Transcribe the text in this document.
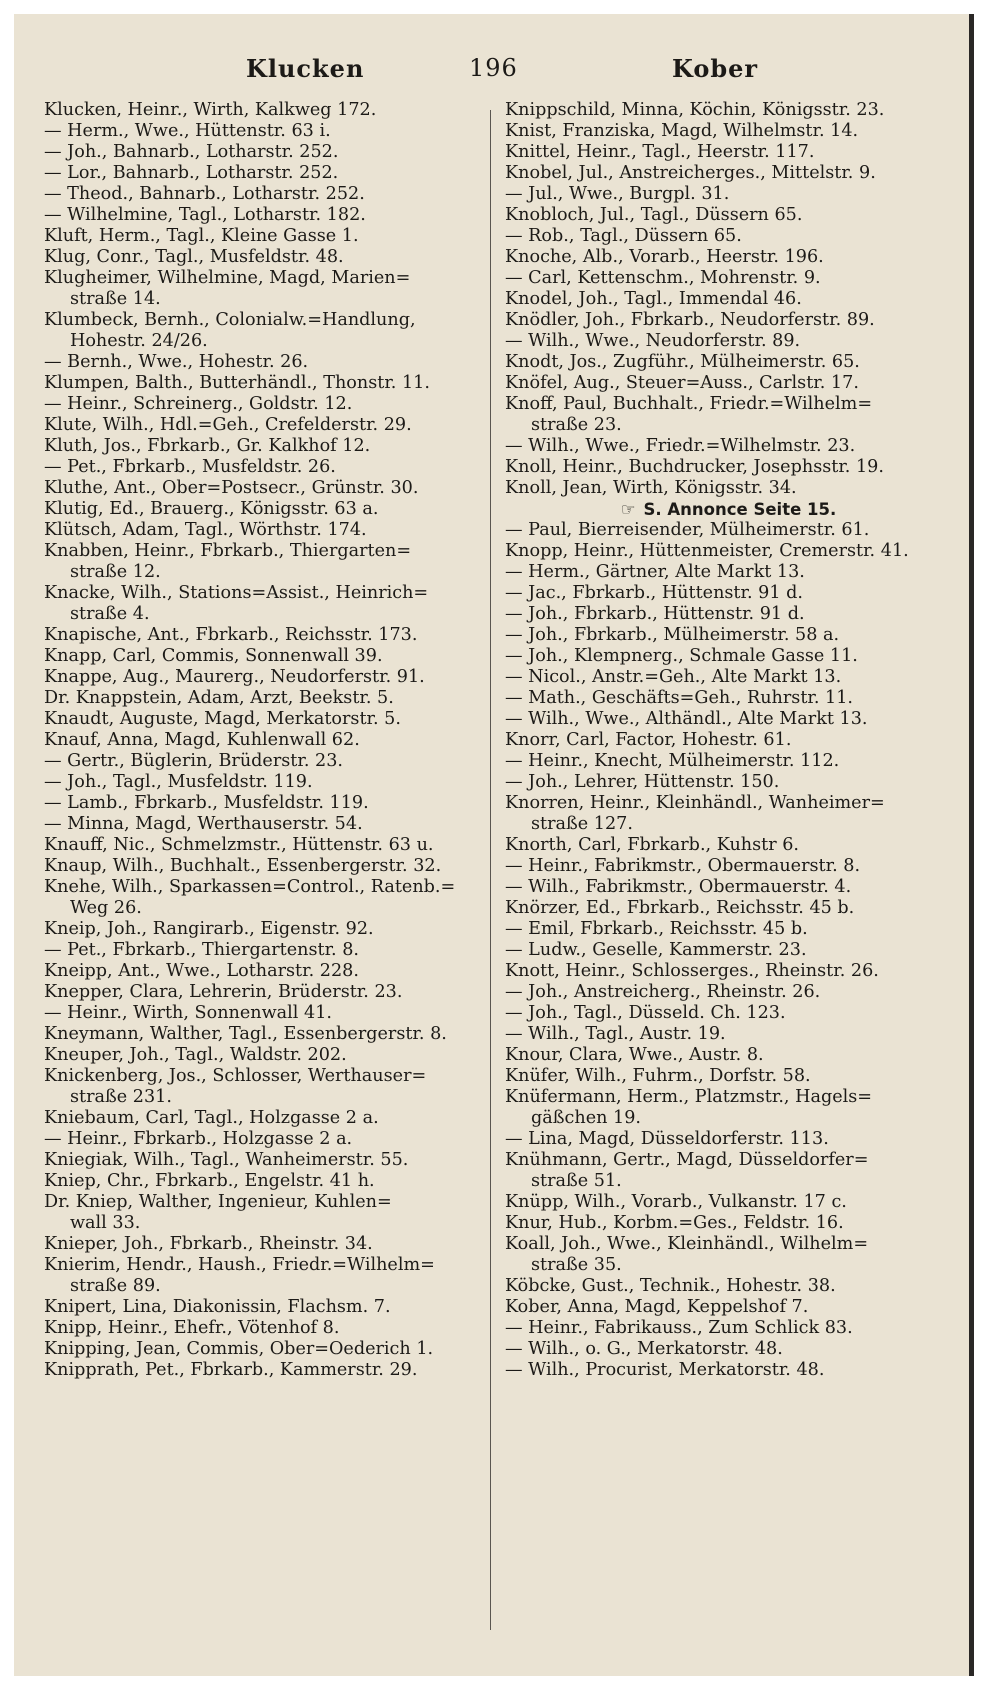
Klucken	196	Kober
Klucken, Heinr., Wirth, Kalkweg 172.
— Herm., Wwe., Hüttenstr. 63 i.
— Joh., Bahnarb., Lotharstr. 252.
— Lor., Bahnarb., Lotharstr. 252.
— Theod., Bahnarb., Lotharstr. 252.
— Wilhelmine, Tagl., Lotharstr. 182.
Kluft, Herm., Tagl., Kleine Gasse 1.
Klug, Conr., Tagl., Musfeldstr. 48.
Klugheimer, Wilhelmine, Magd, Marien=
straße 14.
Klumbeck, Bernh., Colonialw.=Handlung,
Hohestr. 24/26.
— Bernh., Wwe., Hohestr. 26.
Klumpen, Balth., Butterhändl., Thonstr. 11.
— Heinr., Schreinerg., Goldstr. 12.
Klute, Wilh., Hdl.=Geh., Crefelderstr. 29.
Kluth, Jos., Fbrkarb., Gr. Kalkhof 12.
— Pet., Fbrkarb., Musfeldstr. 26.
Kluthe, Ant., Ober=Postsecr., Grünstr. 30.
Klutig, Ed., Brauerg., Königsstr. 63 a.
Klütsch, Adam, Tagl., Wörthstr. 174.
Knabben, Heinr., Fbrkarb., Thiergarten=
straße 12.
Knacke, Wilh., Stations=Assist., Heinrich=
straße 4.
Knapische, Ant., Fbrkarb., Reichsstr. 173.
Knapp, Carl, Commis, Sonnenwall 39.
Knappe, Aug., Maurerg., Neudorferstr. 91.
Dr. Knappstein, Adam, Arzt, Beekstr. 5.
Knaudt, Auguste, Magd, Merkatorstr. 5.
Knauf, Anna, Magd, Kuhlenwall 62.
— Gertr., Büglerin, Brüderstr. 23.
— Joh., Tagl., Musfeldstr. 119.
— Lamb., Fbrkarb., Musfeldstr. 119.
— Minna, Magd, Werthauserstr. 54.
Knauff, Nic., Schmelzmstr., Hüttenstr. 63 u.
Knaup, Wilh., Buchhalt., Essenbergerstr. 32.
Knehe, Wilh., Sparkassen=Control., Ratenb.=
Weg 26.
Kneip, Joh., Rangirarb., Eigenstr. 92.
— Pet., Fbrkarb., Thiergartenstr. 8.
Kneipp, Ant., Wwe., Lotharstr. 228.
Knepper, Clara, Lehrerin, Brüderstr. 23.
— Heinr., Wirth, Sonnenwall 41.
Kneymann, Walther, Tagl., Essenbergerstr. 8.
Kneuper, Joh., Tagl., Waldstr. 202.
Knickenberg, Jos., Schlosser, Werthauser=
straße 231.
Kniebaum, Carl, Tagl., Holzgasse 2 a.
— Heinr., Fbrkarb., Holzgasse 2 a.
Kniegiak, Wilh., Tagl., Wanheimerstr. 55.
Kniep, Chr., Fbrkarb., Engelstr. 41 h.
Dr. Kniep, Walther, Ingenieur, Kuhlen=
wall 33.
Knieper, Joh., Fbrkarb., Rheinstr. 34.
Knierim, Hendr., Haush., Friedr.=Wilhelm=
straße 89.
Knipert, Lina, Diakonissin, Flachsm. 7.
Knipp, Heinr., Ehefr., Vötenhof 8.
Knipping, Jean, Commis, Ober=Oederich 1.
Knipprath, Pet., Fbrkarb., Kammerstr. 29.
Knippschild, Minna, Köchin, Königsstr. 23.
Knist, Franziska, Magd, Wilhelmstr. 14.
Knittel, Heinr., Tagl., Heerstr. 117.
Knobel, Jul., Anstreicherges., Mittelstr. 9.
— Jul., Wwe., Burgpl. 31.
Knobloch, Jul., Tagl., Düssern 65.
— Rob., Tagl., Düssern 65.
Knoche, Alb., Vorarb., Heerstr. 196.
— Carl, Kettenschm., Mohrenstr. 9.
Knodel, Joh., Tagl., Immendal 46.
Knödler, Joh., Fbrkarb., Neudorferstr. 89.
— Wilh., Wwe., Neudorferstr. 89.
Knodt, Jos., Zugführ., Mülheimerstr. 65.
Knöfel, Aug., Steuer=Auss., Carlstr. 17.
Knoff, Paul, Buchhalt., Friedr.=Wilhelm=
straße 23.
— Wilh., Wwe., Friedr.=Wilhelmstr. 23.
Knoll, Heinr., Buchdrucker, Josephsstr. 19.
Knoll, Jean, Wirth, Königsstr. 34.
☞ S. Annonce Seite 15.
— Paul, Bierreisender, Mülheimerstr. 61.
Knopp, Heinr., Hüttenmeister, Cremerstr. 41.
— Herm., Gärtner, Alte Markt 13.
— Jac., Fbrkarb., Hüttenstr. 91 d.
— Joh., Fbrkarb., Hüttenstr. 91 d.
— Joh., Fbrkarb., Mülheimerstr. 58 a.
— Joh., Klempnerg., Schmale Gasse 11.
— Nicol., Anstr.=Geh., Alte Markt 13.
— Math., Geschäfts=Geh., Ruhrstr. 11.
— Wilh., Wwe., Althändl., Alte Markt 13.
Knorr, Carl, Factor, Hohestr. 61.
— Heinr., Knecht, Mülheimerstr. 112.
— Joh., Lehrer, Hüttenstr. 150.
Knorren, Heinr., Kleinhändl., Wanheimer=
straße 127.
Knorth, Carl, Fbrkarb., Kuhstr 6.
— Heinr., Fabrikmstr., Obermauerstr. 8.
— Wilh., Fabrikmstr., Obermauerstr. 4.
Knörzer, Ed., Fbrkarb., Reichsstr. 45 b.
— Emil, Fbrkarb., Reichsstr. 45 b.
— Ludw., Geselle, Kammerstr. 23.
Knott, Heinr., Schlosserges., Rheinstr. 26.
— Joh., Anstreicherg., Rheinstr. 26.
— Joh., Tagl., Düsseld. Ch. 123.
— Wilh., Tagl., Austr. 19.
Knour, Clara, Wwe., Austr. 8.
Knüfer, Wilh., Fuhrm., Dorfstr. 58.
Knüfermann, Herm., Platzmstr., Hagels=
gäßchen 19.
— Lina, Magd, Düsseldorferstr. 113.
Knühmann, Gertr., Magd, Düsseldorfer=
straße 51.
Knüpp, Wilh., Vorarb., Vulkanstr. 17 c.
Knur, Hub., Korbm.=Ges., Feldstr. 16.
Koall, Joh., Wwe., Kleinhändl., Wilhelm=
straße 35.
Köbcke, Gust., Technik., Hohestr. 38.
Kober, Anna, Magd, Keppelshof 7.
— Heinr., Fabrikauss., Zum Schlick 83.
— Wilh., o. G., Merkatorstr. 48.
— Wilh., Procurist, Merkatorstr. 48.
